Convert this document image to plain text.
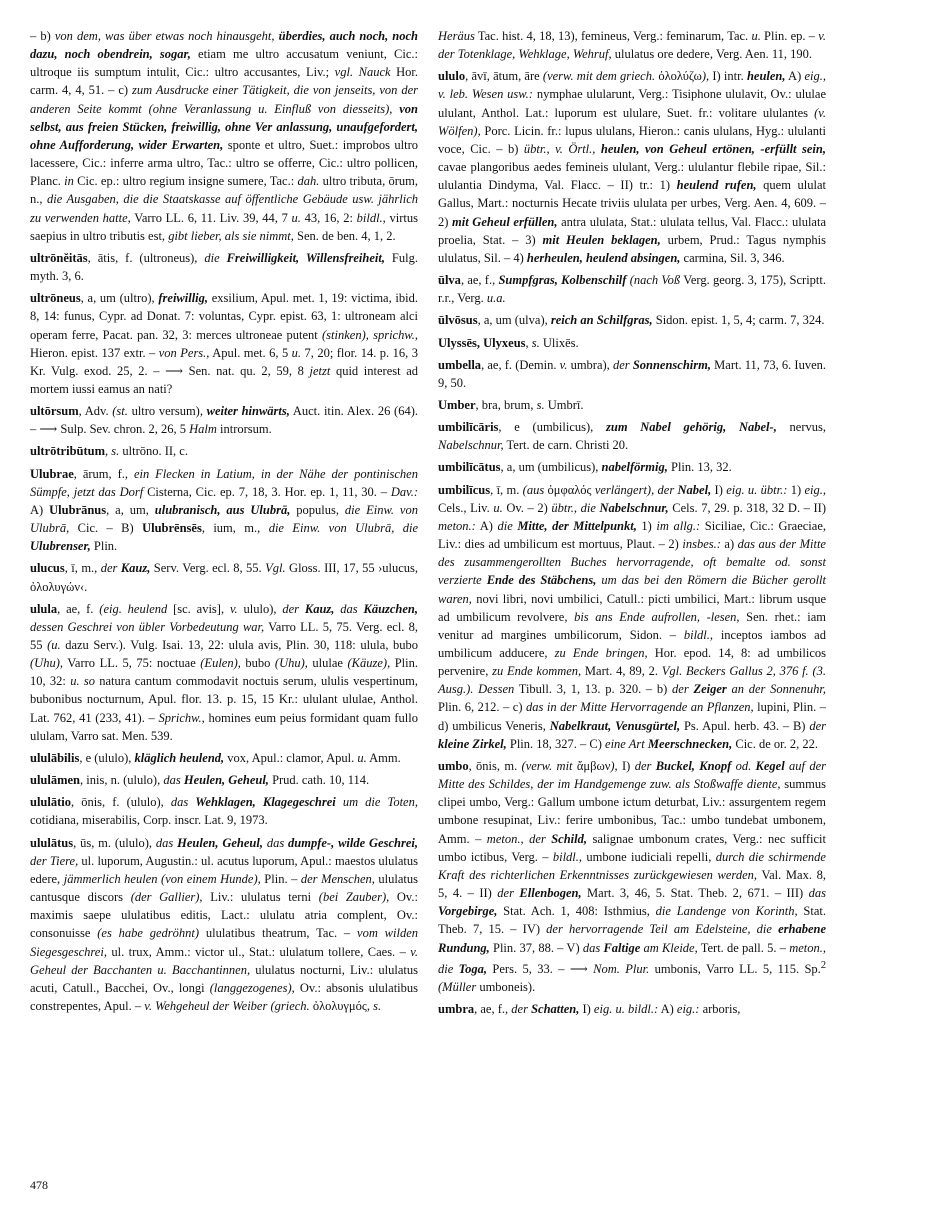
– b) von dem, was über etwas noch hinausgeht, überdies, auch noch, noch dazu, noch obendrein, sogar, etiam me ultro accusatum veniunt, Cic.: ultroque iis sumptum intulit, Cic.: ultro accusantes, Liv.; vgl. Nauck Hor. carm. 4, 4, 51. – c) zum Ausdrucke einer Tätigkeit, die von jenseits, von der anderen Seite kommt (ohne Veranlassung u. Einfluß von diesseits), von selbst, aus freien Stücken, freiwillig, ohne Ver anlassung, unaufgefordert, ohne Aufforderung, wider Erwarten, sponte et ultro, Suet.: improbos ultro lacessere, Cic.: inferre arma ultro, Tac.: ultro se offerre, Cic.: ultro pollicen, Planc. in Cic. ep.: ultro regium insigne sumere, Tac.: dah. ultro tributa, ōrum, n., die Ausgaben, die die Staatskasse auf öffentliche Gebäude usw. jährlich zu verwenden hatte, Varro LL. 6, 11. Liv. 39, 44, 7 u. 43, 16, 2: bildl., virtus saepius in ultro tributis est, gibt lieber, als sie nimmt, Sen. de ben. 4, 1, 2.

ultrōnĕitās, ātis, f. (ultroneus), die Freiwilligkeit, Willensfreiheit, Fulg. myth. 3, 6.

ultrōneus, a, um (ultro), freiwillig, exsilium, Apul. met. 1, 19: victima, ibid. 8, 14: funus, Cypr. ad Donat. 7: voluntas, Cypr. epist. 63, 1: ultroneam alci operam ferre, Pacat. pan. 32, 3: merces ultroneae putent (stinken), sprichw., Hieron. epist. 137 extr. – von Pers., Apul. met. 6, 5 u. 7, 20; flor. 14. p. 16, 3 Kr. Vulg. exod. 25, 2. – ⟶ Sen. nat. qu. 2, 59, 8 jetzt quid interest ad mortem iussi eamus an nati?

ultōrsum, Adv. (st. ultro versum), weiter hinwärts, Auct. itin. Alex. 26 (64). – ⟶ Sulp. Sev. chron. 2, 26, 5 Halm introrsum.

ultrōtribūtum, s. ultrōno. II, c.

Ulubrae, ārum, f., ein Flecken in Latium, in der Nähe der pontinischen Sümpfe, jetzt das Dorf Cisterna, Cic. ep. 7, 18, 3. Hor. ep. 1, 11, 30. – Dav.: A) Ulubrānus, a, um, ulubranisch, aus Ulubrā, populus, die Einw. von Ulubrā, Cic. – B) Ulubrēnsēs, ium, m., die Einw. von Ulubrā, die Ulubrenser, Plin.

ulucus, ī, m., der Kauz, Serv. Verg. ecl. 8, 55. Vgl. Gloss. III, 17, 55 ›ulucus, ὀλολυγών‹.

ulula, ae, f. (eig. heulend [sc. avis], v. ululo), der Kauz, das Käuzchen, dessen Geschrei von übler Vorbedeutung war, Varro LL. 5, 75. Verg. ecl. 8, 55 (u. dazu Serv.). Vulg. Isai. 13, 22: ulula avis, Plin. 30, 118: ulula, bubo (Uhu), Varro LL. 5, 75: noctuae (Eulen), bubo (Uhu), ululae (Käuze), Plin. 10, 32: u. so natura cantum commodavit noctuis serum, ululis vespertinum, bubonibus nocturnum, Apul. flor. 13. p. 15, 15 Kr.: ululant ululae, Anthol. Lat. 762, 41 (233, 41). – Sprichw., homines eum peius formidant quam fullo ululam, Varro sat. Men. 539.

ululābilis, e (ululo), kläglich heulend, vox, Apul.: clamor, Apul. u. Amm.

ululāmen, inis, n. (ululo), das Heulen, Geheul, Prud. cath. 10, 114.

ululātio, ōnis, f. (ululo), das Wehklagen, Klagegeschrei um die Toten, cotidiana, miserabilis, Corp. inscr. Lat. 9, 1973.

ululātus, ūs, m. (ululo), das Heulen, Geheul, das dumpfe-, wilde Geschrei, der Tiere, ul. luporum, Augustin.: ul. acutus luporum, Apul.: maestos ululatus edere, jämmerlich heulen (von einem Hunde), Plin. – der Menschen, ululatus cantusque discors (der Gallier), Liv.: ululatus terni (bei Zauber), Ov.: maximis saepe ululatibus editis, Lact.: ululatu atria complent, Ov.: consonuisse (es habe gedröhnt) ululatibus theatrum, Tac. – vom wilden Siegesgeschrei, ul. trux, Amm.: victor ul., Stat.: ululatum tollere, Caes. – v. Geheul der Bacchanten u. Bacchantinnen, ululatus nocturni, Liv.: ululatus acuti, Catull., Bacchei, Ov., longi (langgezogenes), Ov.: absonis ululatibus constrepentes, Apul. – v. Wehgeheul der Weiber (griech. ὀλολυγμός, s.

Heräus Tac. hist. 4, 18, 13), femineus, Verg.: feminarum, Tac. u. Plin. ep. – v. der Totenklage, Wehklage, Wehruf, ululatus ore dedere, Verg. Aen. 11, 190.

ululo, āvī, ātum, āre (verw. mit dem griech. ὀλολύζω), I) intr. heulen, A) eig., v. leb. Wesen usw.: nymphae ulularunt, Verg.: Tisiphone ululavit, Ov.: ululae ululant, Anthol. Lat.: luporum est ululare, Suet. fr.: volitare ululantes (v. Wölfen), Porc. Licin. fr.: lupus ululans, Hieron.: canis ululans, Hyg.: ululanti voce, Cic. – b) übtr., v. Örtl., heulen, von Geheul ertönen, -erfüllt sein, cavae plangoribus aedes femineis ululant, Verg.: ululantur flebile ripae, Sil.: ululantia Dindyma, Val. Flacc. – II) tr.: 1) heulend rufen, quem ululat Gallus, Mart.: nocturnis Hecate triviis ululata per urbes, Verg. Aen. 4, 609. – 2) mit Geheul erfüllen, antra ululata, Stat.: ululata tellus, Val. Flacc.: ululata proelia, Stat. – 3) mit Heulen beklagen, urbem, Prud.: Tagus nymphis ululatus, Sil. – 4) herheulen, heulend absingen, carmina, Sil. 3, 346.

ūlva, ae, f., Sumpfgras, Kolbenschilf (nach Voß Verg. georg. 3, 175), Scriptt. r.r., Verg. u.a.

ūlvōsus, a, um (ulva), reich an Schilfgras, Sidon. epist. 1, 5, 4; carm. 7, 324.

Ulyssēs, Ulyxeus, s. Ulixēs.

umbella, ae, f. (Demin. v. umbra), der Sonnenschirm, Mart. 11, 73, 6. Iuven. 9, 50.

Umber, bra, brum, s. Umbrī.

umbilīcāris, e (umbilicus), zum Nabel gehörig, Nabel-, nervus, Nabelschnur, Tert. de carn. Christi 20.

umbilīcātus, a, um (umbilicus), nabelförmig, Plin. 13, 32.

umbilīcus, ī, m. (aus ὀμφαλός verlängert), der Nabel, I) eig. u. übtr.: 1) eig., Cels., Liv. u. Ov. – 2) übtr., die Nabelschnur, Cels. 7, 29. p. 318, 32 D. – II) meton.: A) die Mitte, der Mittelpunkt, 1) im allg.: Siciliae, Cic.: Graeciae, Liv.: dies ad umbilicum est mortuus, Plaut. – 2) insbes.: a) das aus der Mitte des zusammengerollten Buches hervorragende, oft bemalte od. sonst verzierte Ende des Stäbchens, um das bei den Römern die Bücher gerollt waren, novi libri, novi umbilici, Catull.: picti umbilici, Mart.: librum usque ad umbilicum revolvere, bis ans Ende aufrollen, -lesen, Sen. rhet.: iam venitur ad margines umbilicorum, Sidon. – bildl., inceptos iambos ad umbilicum adducere, zu Ende bringen, Hor. epod. 14, 8: ad umbilicos pervenire, zu Ende kommen, Mart. 4, 89, 2. Vgl. Beckers Gallus 2, 376 f. (3. Ausg.). Dessen Tibull. 3, 1, 13. p. 320. – b) der Zeiger an der Sonnenuhr, Plin. 6, 212. – c) das in der Mitte Hervorragende an Pflanzen, lupini, Plin. – d) umbilicus Veneris, Nabelkraut, Venusgürtel, Ps. Apul. herb. 43. – B) der kleine Zirkel, Plin. 18, 327. – C) eine Art Meerschnecken, Cic. de or. 2, 22.

umbo, ōnis, m. (verw. mit ἄμβων), I) der Buckel, Knopf od. Kegel auf der Mitte des Schildes, der im Handgemenge zuw. als Stoßwaffe diente, summus clipei umbo, Verg.: Gallum umbone ictum deturbat, Liv.: assurgentem regem umbone resupinat, Liv.: ferire umbonibus, Tac.: umbo tundebat umbonem, Amm. – meton., der Schild, salignae umbonum crates, Verg.: nec sufficit umbo ictibus, Verg. – bildl., umbone iudiciali repelli, durch die schirmende Kraft des richterlichen Erkenntnisses zurückgewiesen werden, Val. Max. 8, 5, 4. – II) der Ellenbogen, Mart. 3, 46, 5. Stat. Theb. 2, 671. – III) das Vorgebirge, Stat. Ach. 1, 408: Isthmius, die Landenge von Korinth, Stat. Theb. 7, 15. – IV) der hervorragende Teil am Edelsteine, die erhabene Rundung, Plin. 37, 88. – V) das Faltige am Kleide, Tert. de pall. 5. – meton., die Toga, Pers. 5, 33. – ⟶ Nom. Plur. umbonis, Varro LL. 5, 115. Sp.$^2$ (Müller umboneis).

umbra, ae, f., der Schatten, I) eig. u. bildl.: A) eig.: arboris,

478
